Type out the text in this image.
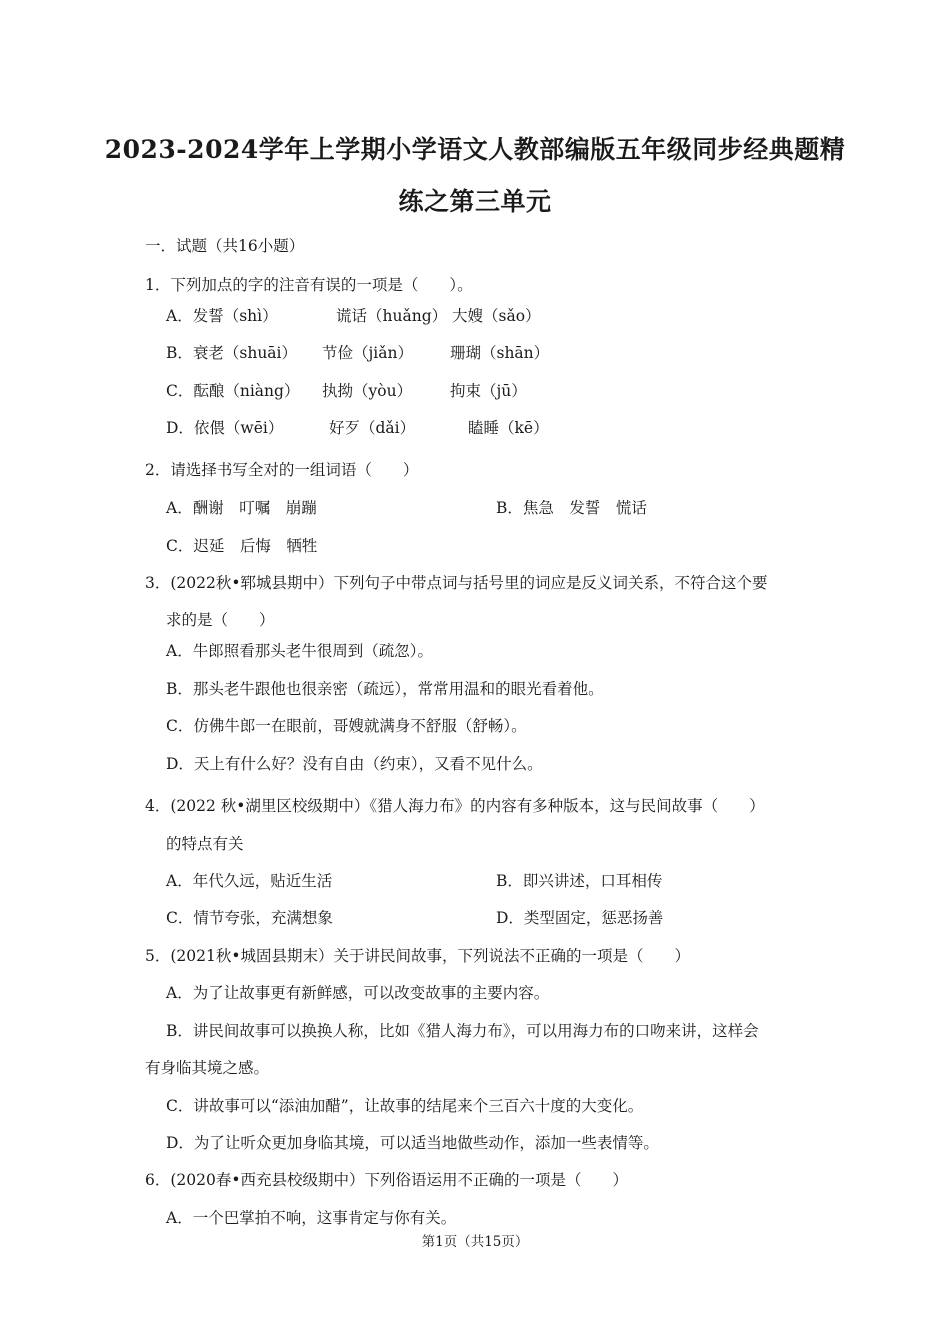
2023-2024学年上学期小学语文人教部编版五年级同步经典题精
练之第三单元
一．试题（共16小题）
1．下列加点的字的注音有误的一项是（　　）。
A．发誓（shì）	谎话（huǎng） 大嫂（sǎo）
B．衰老（shuāi） 节俭（jiǎn） 珊瑚（shān）
C．酝酿（niàng） 执拗（yòu） 拘束（jū）
D．依偎（wēi）	好歹（dǎi）	瞌睡（kē）
2．请选择书写全对的一组词语（　　）
A．酬谢　叮嘱　崩蹦	B．焦急　发誓　慌话
C．迟延　后悔　牺牲
3．(2022秋•郓城县期中）下列句子中带点词与括号里的词应是反义词关系，不符合这个要
求的是（　　）
A．牛郎照看那头老牛很周到（疏忽）。
B．那头老牛跟他也很亲密（疏远），常常用温和的眼光看着他。
C．仿佛牛郎一在眼前，哥嫂就满身不舒服（舒畅）。
D．天上有什么好？没有自由（约束），又看不见什么。
4．(2022 秋•湖里区校级期中）《猎人海力布》的内容有多种版本，这与民间故事（　　）
的特点有关
A．年代久远，贴近生活	B．即兴讲述，口耳相传
C．情节夸张，充满想象	D．类型固定，惩恶扬善
5．(2021秋•城固县期末）关于讲民间故事，下列说法不正确的一项是（　　）
A．为了让故事更有新鲜感，可以改变故事的主要内容。
B．讲民间故事可以换换人称，比如《猎人海力布》，可以用海力布的口吻来讲，这样会
有身临其境之感。
C．讲故事可以“添油加醋”，让故事的结尾来个三百六十度的大变化。
D．为了让听众更加身临其境，可以适当地做些动作，添加一些表情等。
6．(2020春•西充县校级期中）下列俗语运用不正确的一项是（　　）
A．一个巴掌拍不响，这事肯定与你有关。
第1页（共15页）
